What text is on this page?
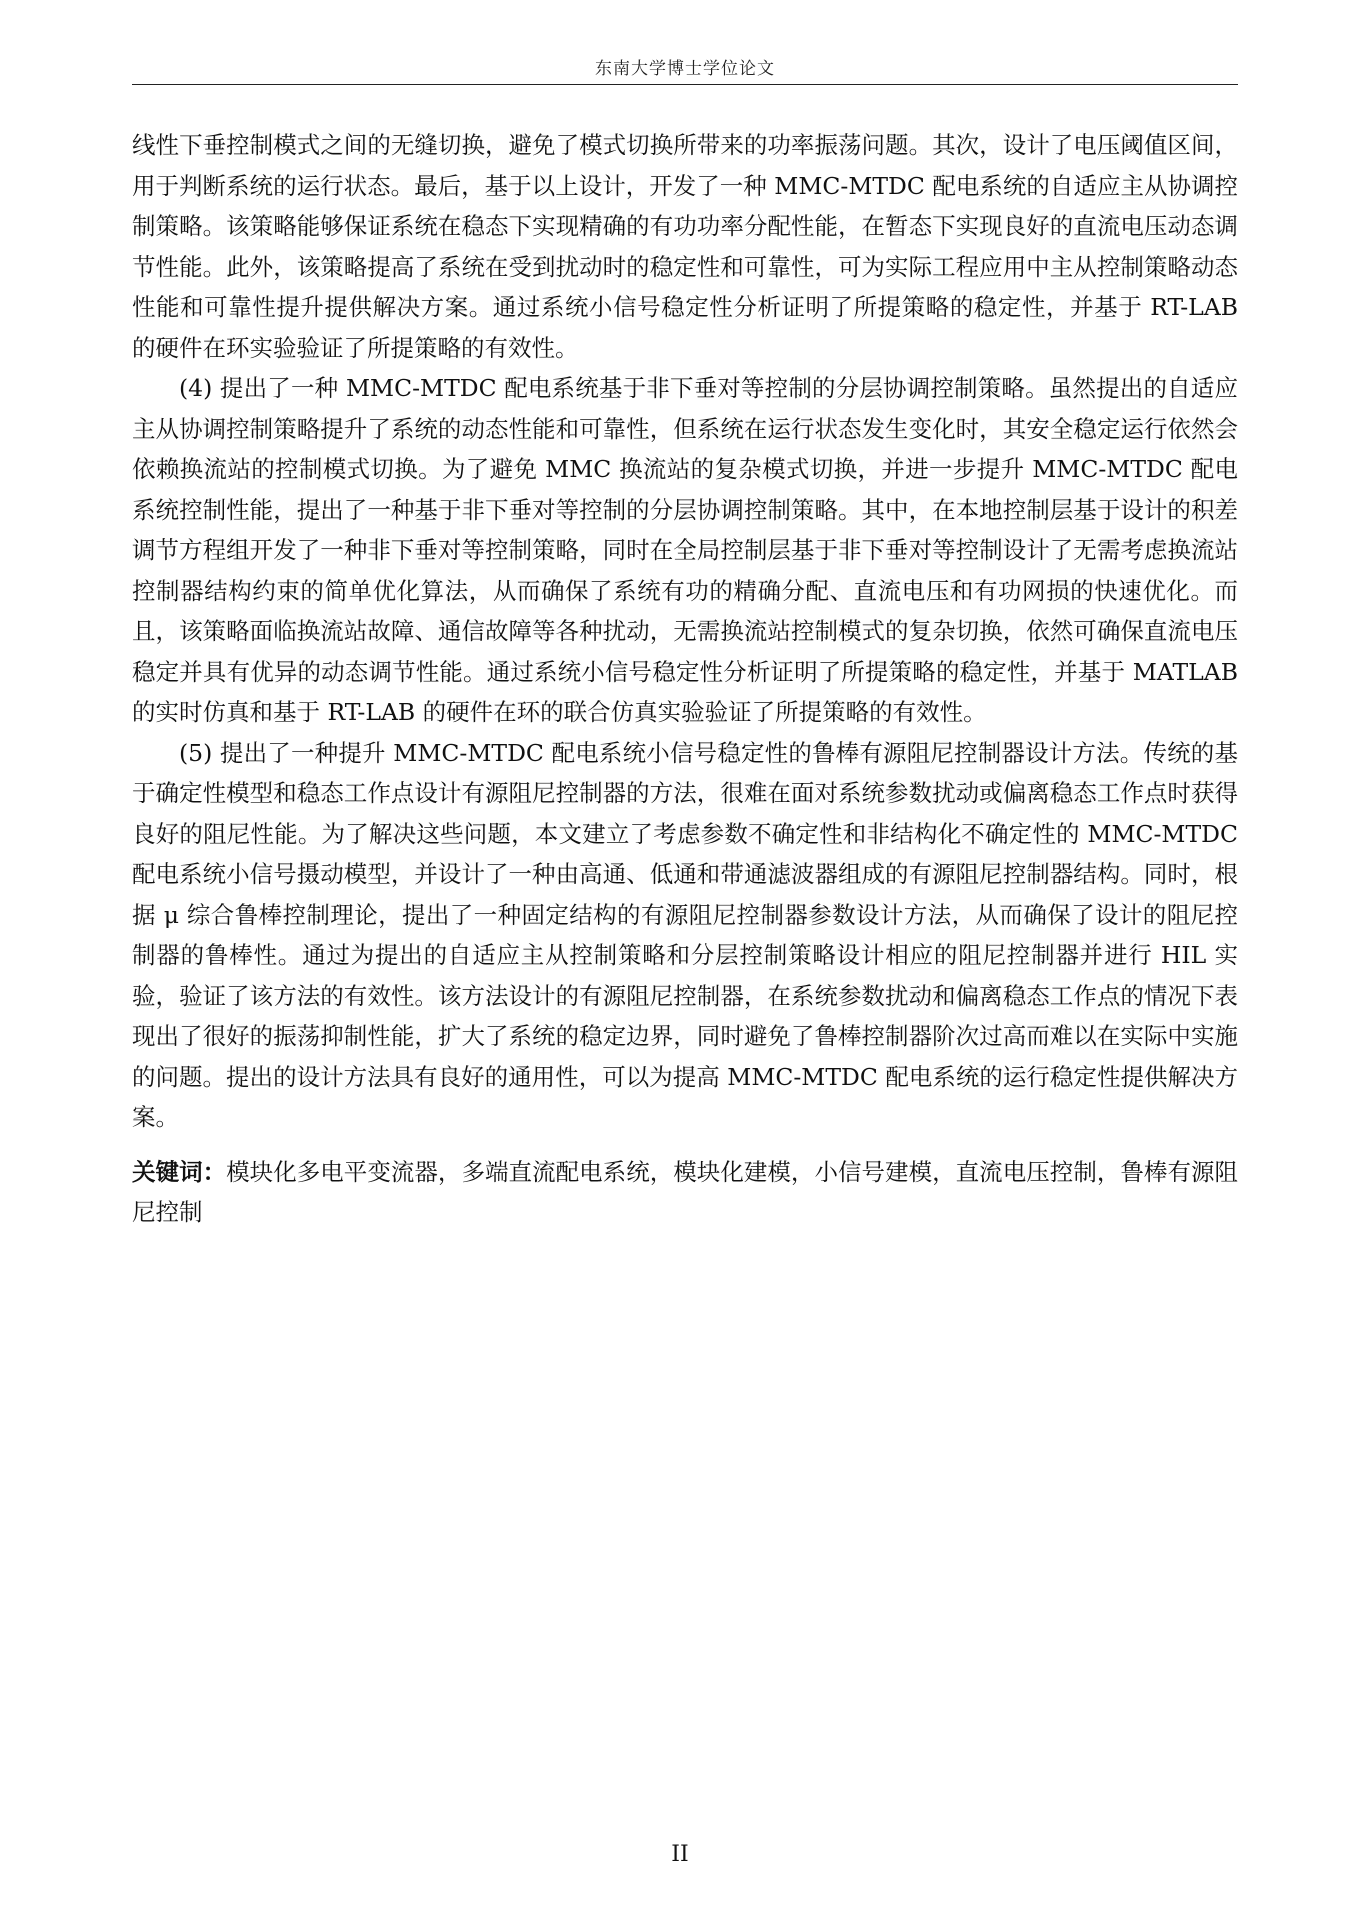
东南大学博士学位论文

线性下垂控制模式之间的无缝切换，避免了模式切换所带来的功率振荡问题。其次，设计了电压阈值区间，用于判断系统的运行状态。最后，基于以上设计，开发了一种 MMC-MTDC 配电系统的自适应主从协调控制策略。该策略能够保证系统在稳态下实现精确的有功功率分配性能，在暂态下实现良好的直流电压动态调节性能。此外，该策略提高了系统在受到扰动时的稳定性和可靠性，可为实际工程应用中主从控制策略动态性能和可靠性提升提供解决方案。通过系统小信号稳定性分析证明了所提策略的稳定性，并基于 RT-LAB 的硬件在环实验验证了所提策略的有效性。

(4) 提出了一种 MMC-MTDC 配电系统基于非下垂对等控制的分层协调控制策略。虽然提出的自适应主从协调控制策略提升了系统的动态性能和可靠性，但系统在运行状态发生变化时，其安全稳定运行依然会依赖换流站的控制模式切换。为了避免 MMC 换流站的复杂模式切换，并进一步提升 MMC-MTDC 配电系统控制性能，提出了一种基于非下垂对等控制的分层协调控制策略。其中，在本地控制层基于设计的积差调节方程组开发了一种非下垂对等控制策略，同时在全局控制层基于非下垂对等控制设计了无需考虑换流站控制器结构约束的简单优化算法，从而确保了系统有功的精确分配、直流电压和有功网损的快速优化。而且，该策略面临换流站故障、通信故障等各种扰动，无需换流站控制模式的复杂切换，依然可确保直流电压稳定并具有优异的动态调节性能。通过系统小信号稳定性分析证明了所提策略的稳定性，并基于 MATLAB 的实时仿真和基于 RT-LAB 的硬件在环的联合仿真实验验证了所提策略的有效性。

(5) 提出了一种提升 MMC-MTDC 配电系统小信号稳定性的鲁棒有源阻尼控制器设计方法。传统的基于确定性模型和稳态工作点设计有源阻尼控制器的方法，很难在面对系统参数扰动或偏离稳态工作点时获得良好的阻尼性能。为了解决这些问题，本文建立了考虑参数不确定性和非结构化不确定性的 MMC-MTDC 配电系统小信号摄动模型，并设计了一种由高通、低通和带通滤波器组成的有源阻尼控制器结构。同时，根据 μ 综合鲁棒控制理论，提出了一种固定结构的有源阻尼控制器参数设计方法，从而确保了设计的阻尼控制器的鲁棒性。通过为提出的自适应主从控制策略和分层控制策略设计相应的阻尼控制器并进行 HIL 实验，验证了该方法的有效性。该方法设计的有源阻尼控制器，在系统参数扰动和偏离稳态工作点的情况下表现出了很好的振荡抑制性能，扩大了系统的稳定边界，同时避免了鲁棒控制器阶次过高而难以在实际中实施的问题。提出的设计方法具有良好的通用性，可以为提高 MMC-MTDC 配电系统的运行稳定性提供解决方案。

关键词：模块化多电平变流器，多端直流配电系统，模块化建模，小信号建模，直流电压控制，鲁棒有源阻尼控制

II
